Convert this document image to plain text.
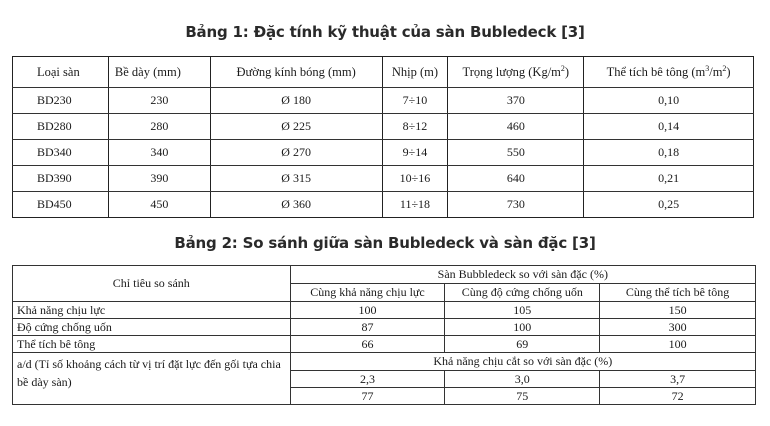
Bảng 1: Đặc tính kỹ thuật của sàn Bubledeck [3]
Loại sàn	Bề dày (mm)	Đường kính bóng (mm)	Nhịp (m)	Trọng lượng $(Kg/m^2)$	Thể tích bê tông $(m^3/m^2)$
BD230	230	Ø 180	7÷10	370	0,10
BD280	280	Ø 225	8÷12	460	0,14
BD340	340	Ø 270	9÷14	550	0,18
BD390	390	Ø 315	10÷16	640	0,21
BD450	450	Ø 360	11÷18	730	0,25
Bảng 2: So sánh giữa sàn Bubledeck và sàn đặc [3]
Chỉ tiêu so sánh	Sàn Bubbledeck so với sàn đặc (%)		
	Cùng khả năng chịu lực	Cùng độ cứng chống uốn	Cùng thể tích bê tông
Khả năng chịu lực	100	105	150
Độ cứng chống uốn	87	100	300
Thể tích bê tông	66	69	100
a/d (Tỉ số khoảng cách từ vị trí đặt lực đến gối tựa chia bề dày sàn)	Khả năng chịu cắt so với sàn đặc (%)		
	2,3	3,0	3,7
	77	75	72
